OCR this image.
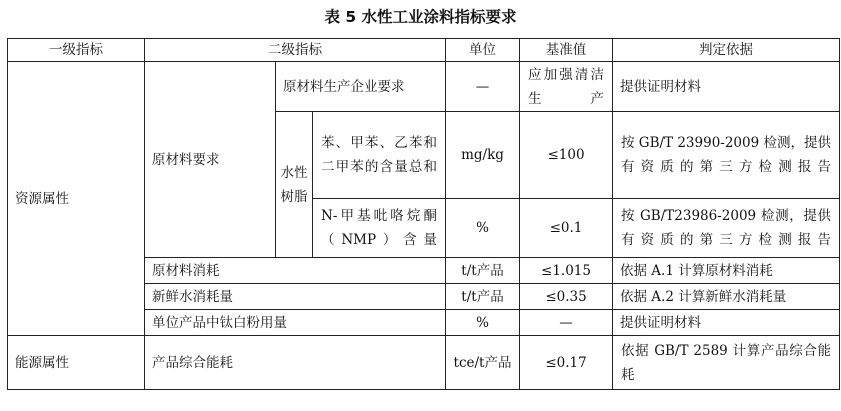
表 5 水性工业涂料指标要求
一级指标	二级指标			单位	基准值	判定依据
资源属性	原材料要求	原材料生产企业要求		—	应加强清洁生产	提供证明材料
		水性树脂	苯、甲苯、乙苯和二甲苯的含量总和	mg/kg	≤100	按 GB/T 23990-2009 检测，提供有资质的第三方检测报告
			N-甲基吡咯烷酮（NMP）含量	%	≤0.1	按 GB/T23986-2009 检测，提供有资质的第三方检测报告
	原材料消耗			t/t产品	≤1.015	依据 A.1 计算原材料消耗
	新鲜水消耗量			t/t产品	≤0.35	依据 A.2 计算新鲜水消耗量
	单位产品中钛白粉用量			%	—	提供证明材料
能源属性	产品综合能耗			tce/t产品	≤0.17	依据 GB/T 2589 计算产品综合能耗
